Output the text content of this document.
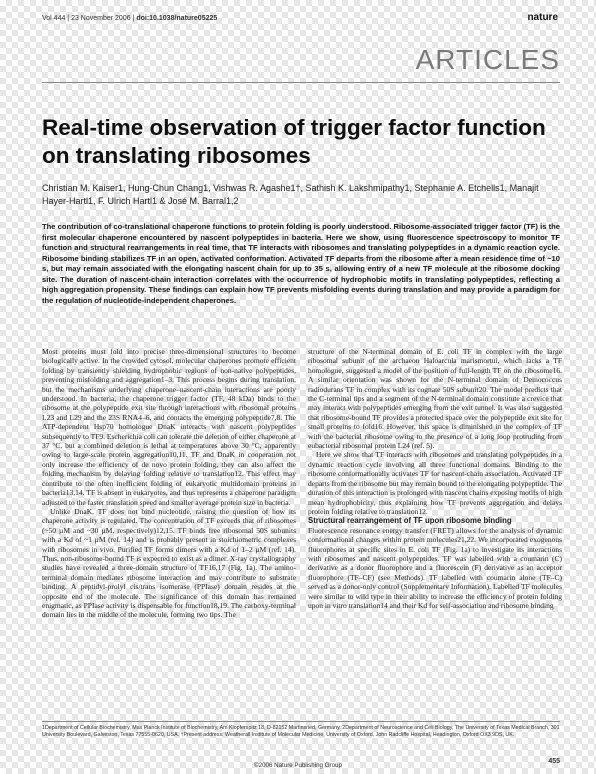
Vol 444 | 23 November 2006 | doi:10.1038/nature05225	nature
ARTICLES
Real-time observation of trigger factor function on translating ribosomes
Christian M. Kaiser1, Hung-Chun Chang1, Vishwas R. Agashe1†, Sathish K. Lakshmipathy1, Stephanie A. Etchells1, Manajit Hayer-Hartl1, F. Ulrich Hartl1 & José M. Barral1,2

The contribution of co-translational chaperone functions to protein folding is poorly understood. Ribosome-associated trigger factor (TF) is the first molecular chaperone encountered by nascent polypeptides in bacteria. Here we show, using fluorescence spectroscopy to monitor TF function and structural rearrangements in real time, that TF interacts with ribosomes and translating polypeptides in a dynamic reaction cycle. Ribosome binding stabilizes TF in an open, activated conformation. Activated TF departs from the ribosome after a mean residence time of ~10 s, but may remain associated with the elongating nascent chain for up to 35 s, allowing entry of a new TF molecule at the ribosome docking site. The duration of nascent-chain interaction correlates with the occurrence of hydrophobic motifs in translating polypeptides, reflecting a high aggregation propensity. These findings can explain how TF prevents misfolding events during translation and may provide a paradigm for the regulation of nucleotide-independent chaperones.

Most proteins must fold into precise three-dimensional structures to become biologically active. In the crowded cytosol, molecular chaperones promote efficient folding by transiently shielding hydrophobic regions of non-native polypeptides, preventing misfolding and aggregation1–3. This process begins during translation, but the mechanisms underlying chaperone–nascent-chain interactions are poorly understood. In bacteria, the chaperone trigger factor (TF, 48 kDa) binds to the ribosome at the polypeptide exit site through interactions with ribosomal proteins L23 and L29 and the 23S RNA4–6, and contacts the emerging polypeptide7,8. The ATP-dependent Hsp70 homologue DnaK interacts with nascent polypeptides subsequently to TF9. Escherichia coli can tolerate the deletion of either chaperone at 37 °C, but a combined deletion is lethal at temperatures above 30 °C, apparently owing to large-scale protein aggregation10,11. TF and DnaK in cooperation not only increase the efficiency of de novo protein folding, they can also affect the folding mechanism by delaying folding relative to translation12. This effect may contribute to the often inefficient folding of eukaryotic multidomain proteins in bacteria13,14. TF is absent in eukaryotes, and thus represents a chaperone paradigm adjusted to the faster translation speed and smaller average protein size in bacteria.

Unlike DnaK, TF does not bind nucleotide, raising the question of how its chaperone activity is regulated. The concentration of TF exceeds that of ribosomes (~50 µM and ~30 µM, respectively)12,15. TF binds free ribosomal 50S subunits with a Kd of ~1 µM (ref. 14) and is probably present in stoichiometric complexes with ribosomes in vivo. Purified TF forms dimers with a Kd of 1–2 µM (ref. 14). Thus, non-ribosome-bound TF is expected to exist as a dimer. X-ray crystallography studies have revealed a three-domain structure of TF16,17 (Fig. 1a). The amino-terminal domain mediates ribosome interaction and may contribute to substrate binding. A peptidyl-prolyl cis/trans isomerase (PPIase) domain resides at the opposite end of the molecule. The significance of this domain has remained enigmatic, as PPIase activity is dispensable for function18,19. The carboxy-terminal domain lies in the middle of the molecule, forming two tips. The

structure of the N-terminal domain of E. coli TF in complex with the large ribosomal subunit of the archaeon Haloarcula marismortui, which lacks a TF homologue, suggested a model of the position of full-length TF on the ribosome16. A similar orientation was shown for the N-terminal domain of Deinococcus radiodurans TF in complex with its cognate 50S subunit20. The model predicts that the C-terminal tips and a segment of the N-terminal domain constitute a crevice that may interact with polypeptides emerging from the exit tunnel. It was also suggested that ribosome-bound TF provides a protected space over the polypeptide exit site for small proteins to fold16. However, this space is diminished in the complex of TF with the bacterial ribosome owing to the presence of a long loop protruding from eubacterial ribosomal protein L24 (ref. 5).

Here we show that TF interacts with ribosomes and translating polypeptides in a dynamic reaction cycle involving all three functional domains. Binding to the ribosome conformationally activates TF for nascent-chain association. Activated TF departs from the ribosome but may remain bound to the elongating polypeptide. The duration of this interaction is prolonged with nascent chains exposing motifs of high mean hydrophobicity, thus explaining how TF prevents aggregation and delays protein folding relative to translation12.

Structural rearrangement of TF upon ribosome binding

Fluorescence resonance energy transfer (FRET) allows for the analysis of dynamic conformational changes within protein molecules21,22. We incorporated exogenous fluorophores at specific sites in E. coli TF (Fig. 1a) to investigate its interactions with ribosomes and nascent polypeptides. TF was labelled with a coumarin (C) derivative as a donor fluorophore and a fluorescein (F) derivative as an acceptor fluorophore (TF–CF) (see Methods). TF labelled with coumarin alone (TF–C) served as a donor-only control (Supplementary Information). Labelled TF molecules were similar to wild type in their ability to increase the efficiency of protein folding upon in vitro translation14 and their Kd for self-association and ribosome binding

1Department of Cellular Biochemistry, Max Planck Institute of Biochemistry, Am Klopferspitz 18, D-82152 Martinsried, Germany. 2Department of Neuroscience and Cell Biology, The University of Texas Medical Branch, 301 University Boulevard, Galveston, Texas 77555-0620, USA. †Present address: Weatherall Institute of Molecular Medicine, University of Oxford, John Radcliffe Hospital, Headington, Oxford OX3 9DS, UK.
©2006 Nature Publishing Group
455
